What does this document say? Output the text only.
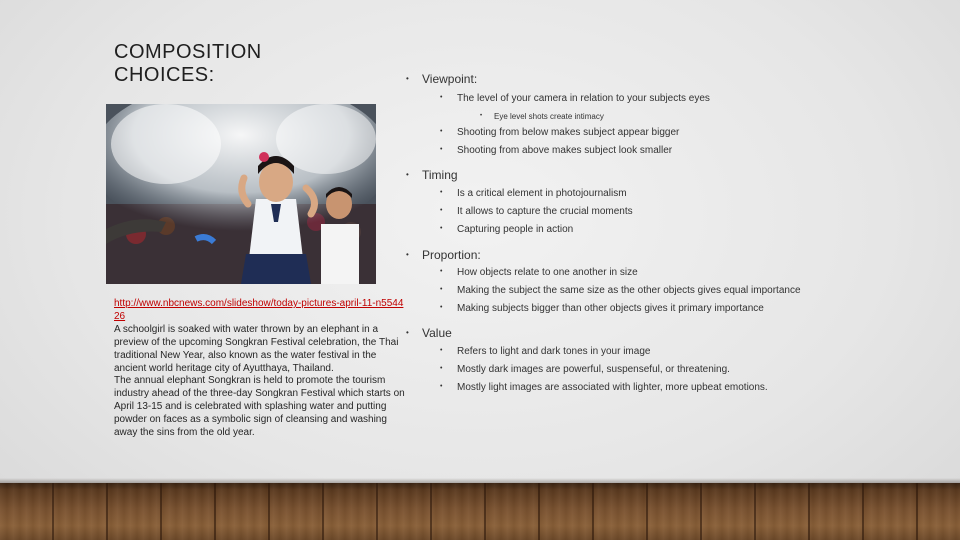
COMPOSITION
CHOICES:
http://www.nbcnews.com/slideshow/today-pictures-april-11-n554426

A schoolgirl is soaked with water thrown by an elephant in a preview of the upcoming Songkran Festival celebration, the Thai traditional New Year, also known as the water festival in the ancient world heritage city of Ayutthaya, Thailand.

The annual elephant Songkran is held to promote the tourism industry ahead of the three-day Songkran Festival which starts on April 13-15 and is celebrated with splashing water and putting powder on faces as a symbolic sign of cleansing and washing away the sins from the old year.

• Viewpoint:
• The level of your camera in relation to your subjects eyes
• Eye level shots create intimacy
• Shooting from below makes subject appear bigger
• Shooting from above makes subject look smaller
• Timing
• Is a critical element in photojournalism
• It allows to capture the crucial moments
• Capturing people in action
• Proportion:
• How objects relate to one another in size
• Making the subject the same size as the other objects gives equal importance
• Making subjects bigger than other objects gives it primary importance
• Value
• Refers to light and dark tones in your image
• Mostly dark images are powerful, suspenseful, or threatening.
• Mostly light images are associated with lighter, more upbeat emotions.
